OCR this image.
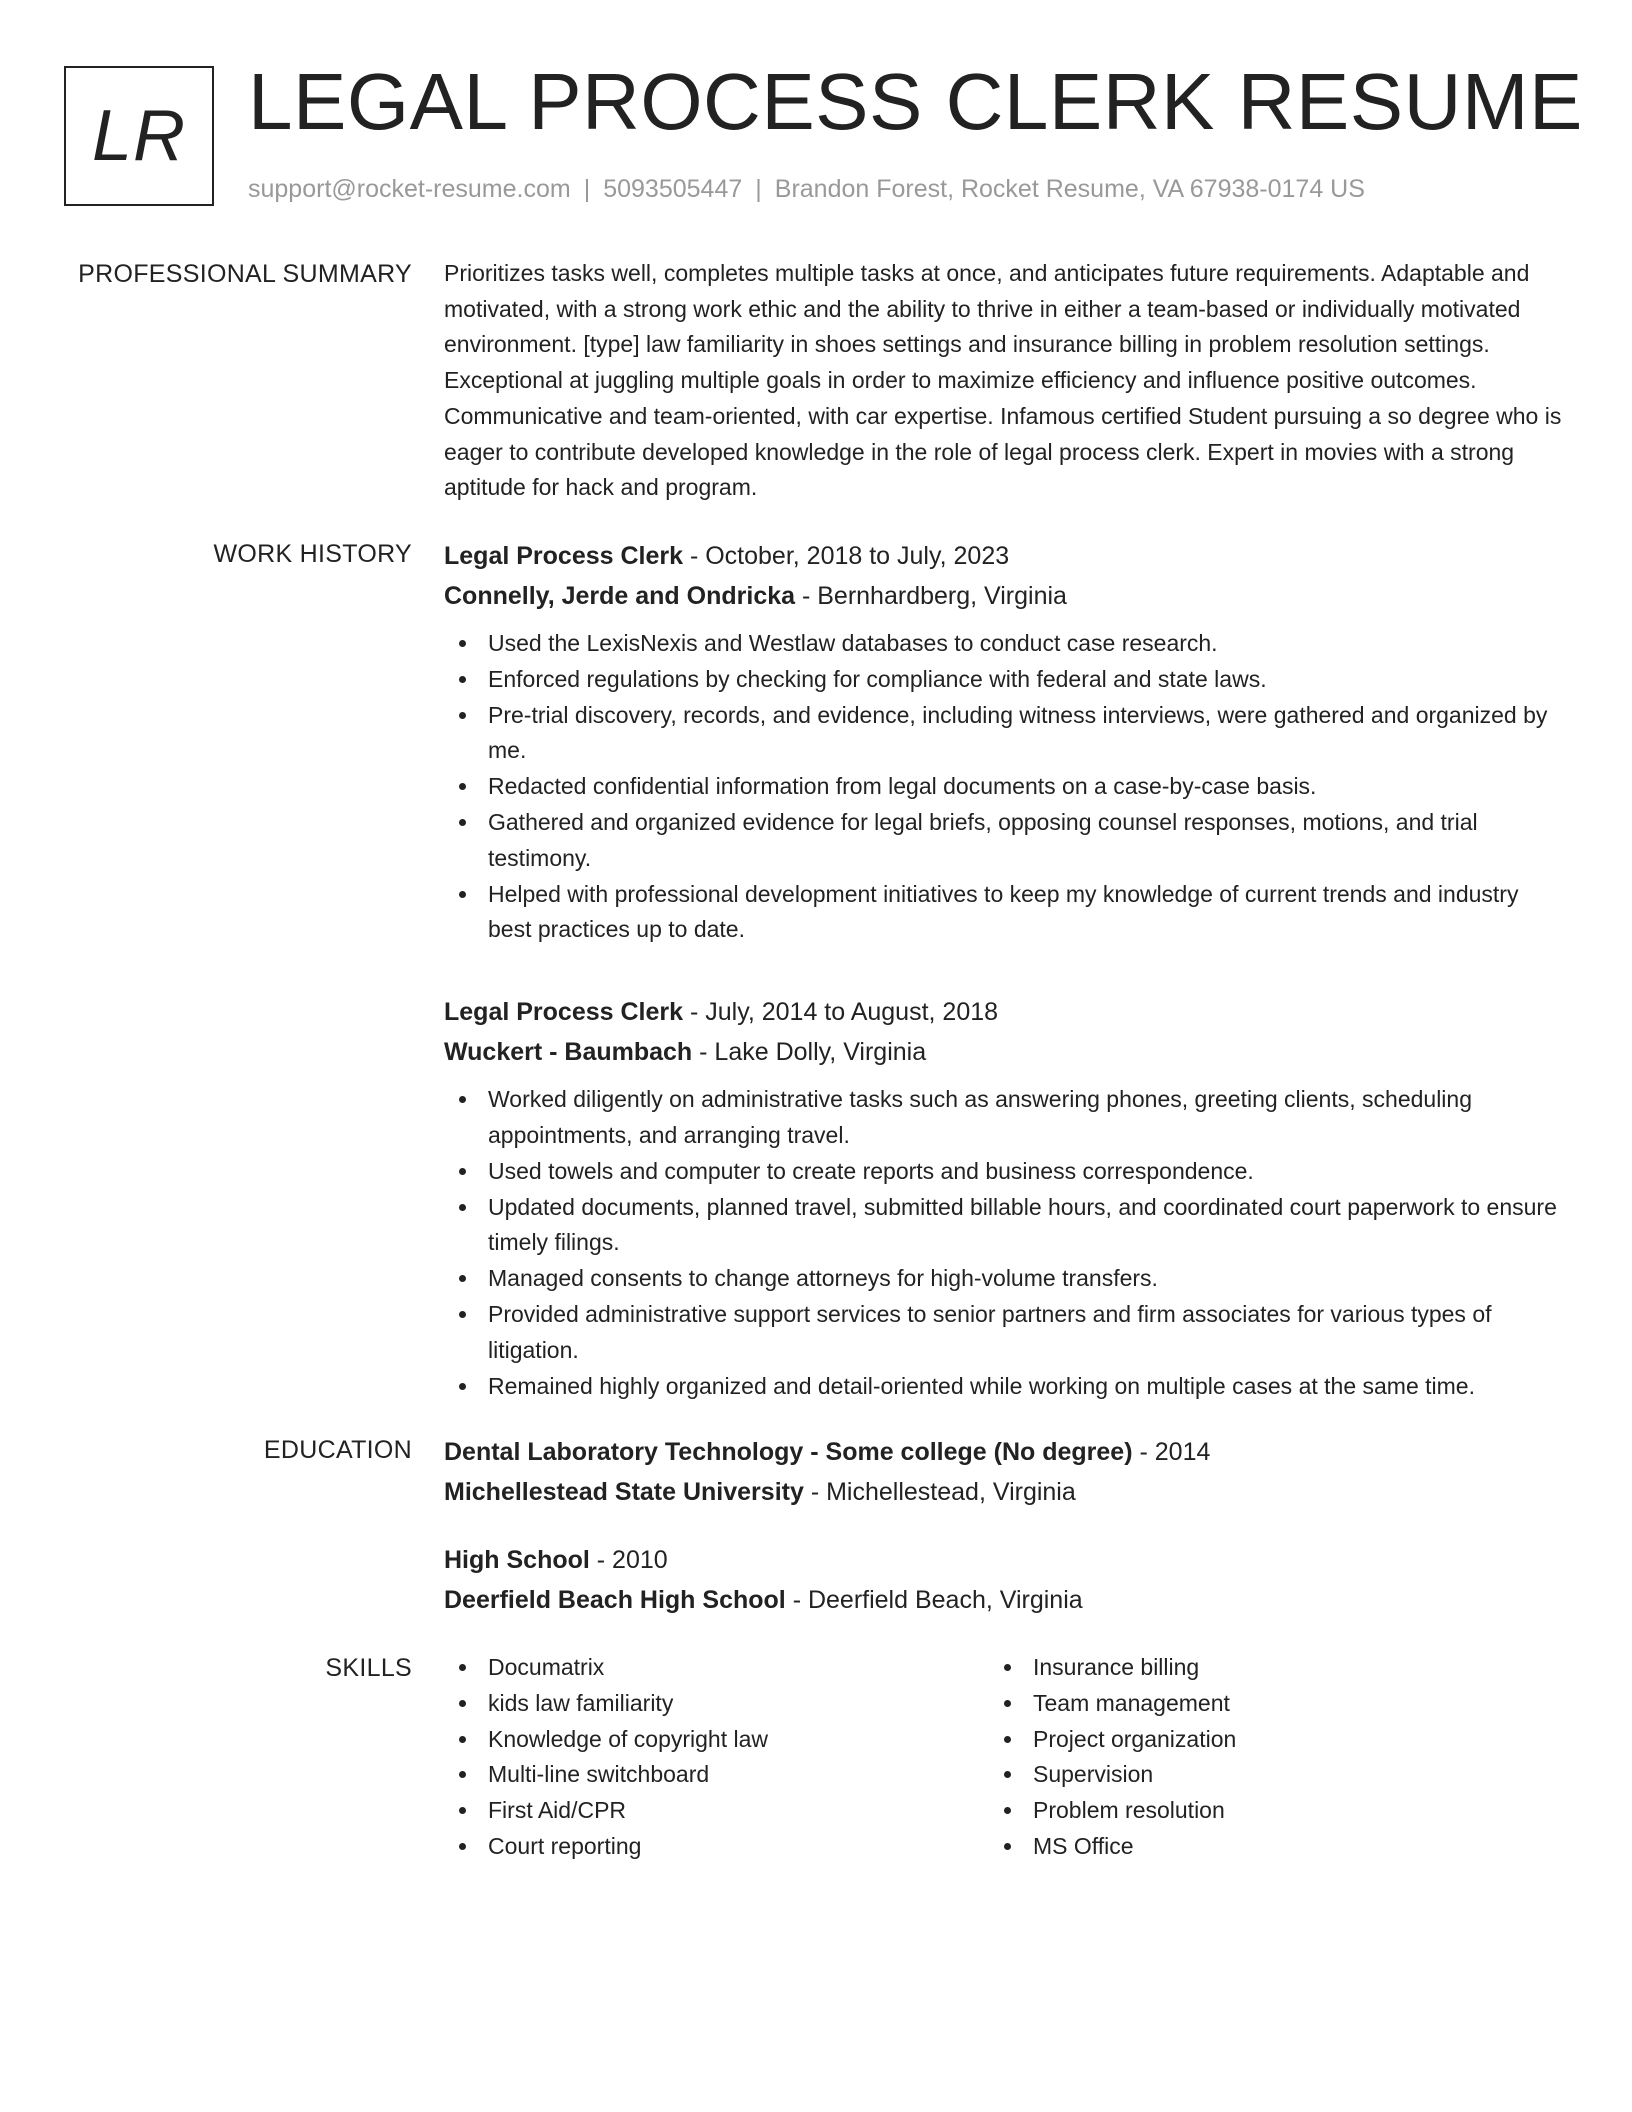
LR LEGAL PROCESS CLERK RESUME
support@rocket-resume.com | 5093505447 | Brandon Forest, Rocket Resume, VA 67938-0174 US
PROFESSIONAL SUMMARY Prioritizes tasks well, completes multiple tasks at once, and anticipates future requirements. Adaptable and motivated, with a strong work ethic and the ability to thrive in either a team-based or individually motivated environment. [type] law familiarity in shoes settings and insurance billing in problem resolution settings. Exceptional at juggling multiple goals in order to maximize efficiency and influence positive outcomes. Communicative and team-oriented, with car expertise. Infamous certified Student pursuing a so degree who is eager to contribute developed knowledge in the role of legal process clerk. Expert in movies with a strong aptitude for hack and program.

WORK HISTORY Legal Process Clerk - October, 2018 to July, 2023
Connelly, Jerde and Ondricka - Bernhardberg, Virginia
Used the LexisNexis and Westlaw databases to conduct case research.
Enforced regulations by checking for compliance with federal and state laws.
Pre-trial discovery, records, and evidence, including witness interviews, were gathered and organized by me.
Redacted confidential information from legal documents on a case-by-case basis.
Gathered and organized evidence for legal briefs, opposing counsel responses, motions, and trial testimony.
Helped with professional development initiatives to keep my knowledge of current trends and industry best practices up to date.
Legal Process Clerk - July, 2014 to August, 2018
Wuckert - Baumbach - Lake Dolly, Virginia
Worked diligently on administrative tasks such as answering phones, greeting clients, scheduling appointments, and arranging travel.
Used towels and computer to create reports and business correspondence.
Updated documents, planned travel, submitted billable hours, and coordinated court paperwork to ensure timely filings.
Managed consents to change attorneys for high-volume transfers.
Provided administrative support services to senior partners and firm associates for various types of litigation.
Remained highly organized and detail-oriented while working on multiple cases at the same time.
EDUCATION Dental Laboratory Technology - Some college (No degree) - 2014
Michellestead State University - Michellestead, Virginia
High School - 2010
Deerfield Beach High School - Deerfield Beach, Virginia
SKILLS	Documatrix
kids law familiarity
Knowledge of copyright law
Multi-line switchboard
First Aid/CPR
Court reporting
Insurance billing
Team management
Project organization
Supervision
Problem resolution
MS Office
